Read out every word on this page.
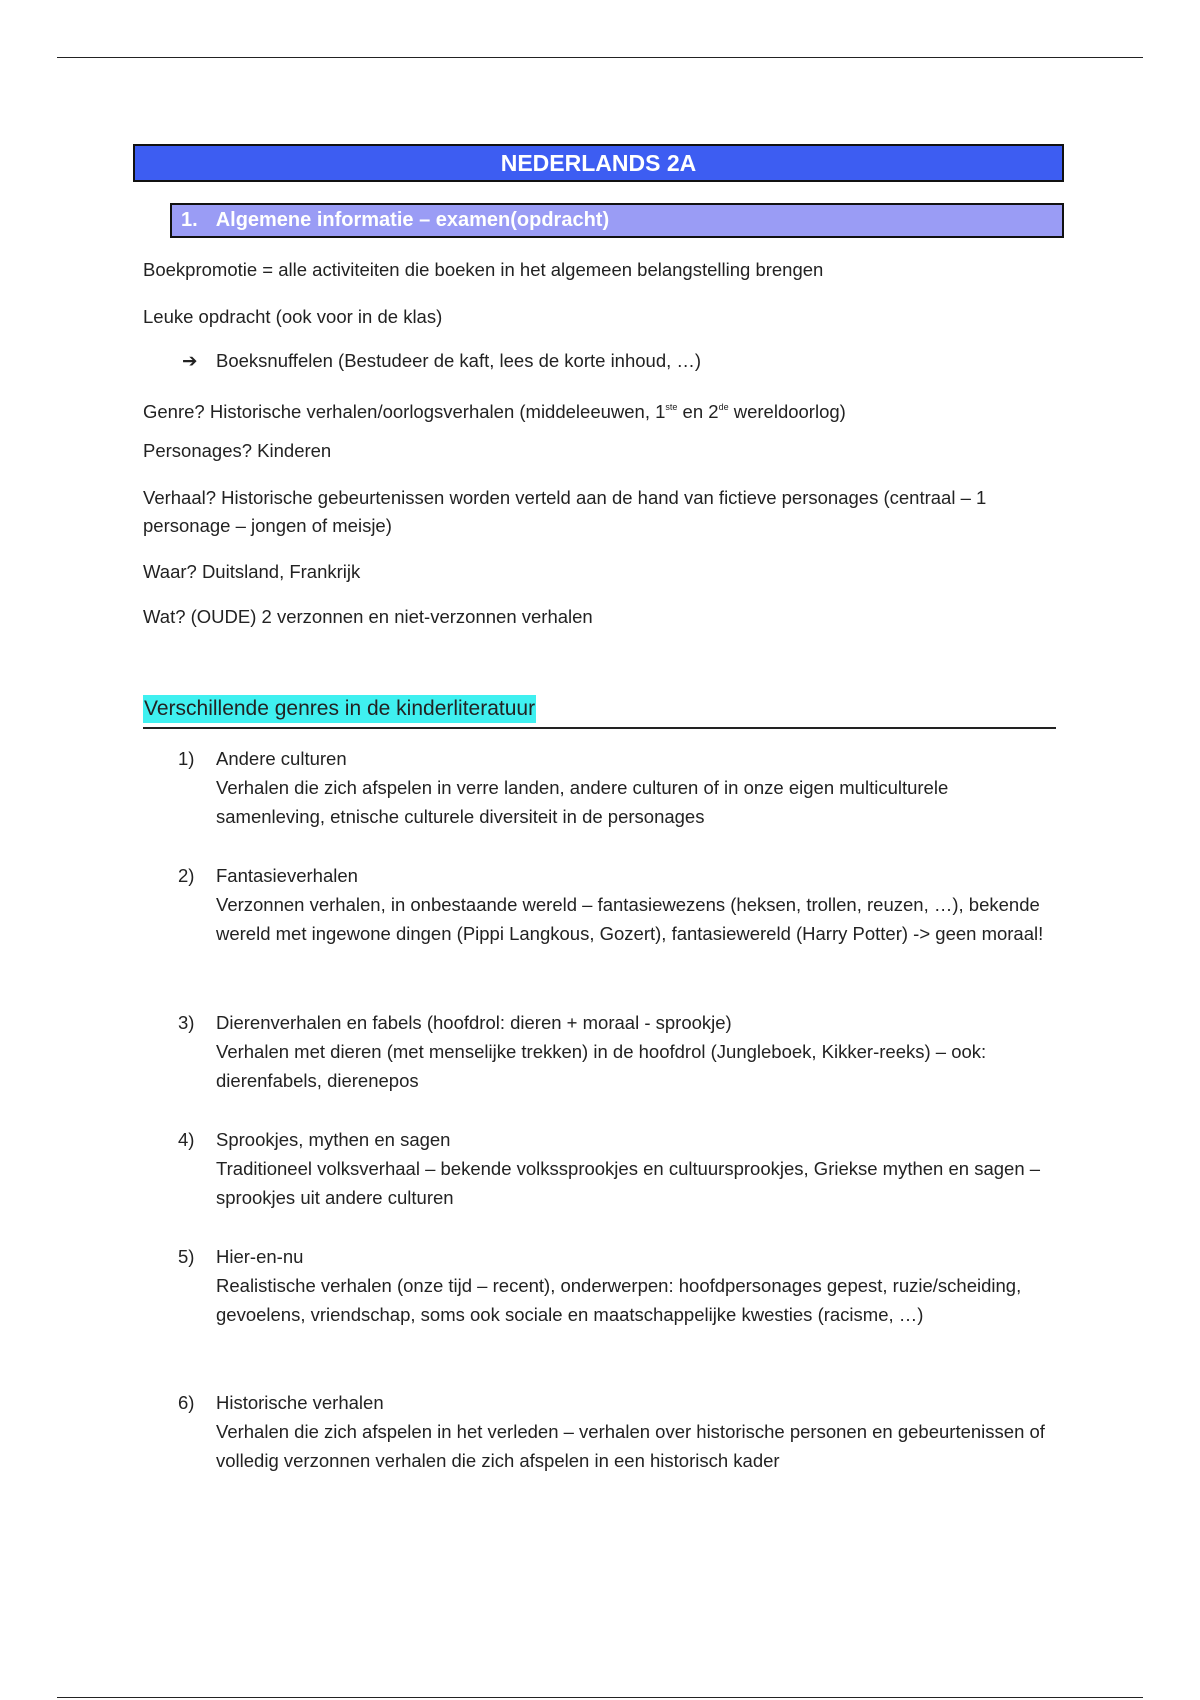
NEDERLANDS 2A
1. Algemene informatie – examen(opdracht)
Boekpromotie = alle activiteiten die boeken in het algemeen belangstelling brengen
Leuke opdracht (ook voor in de klas)
➔ Boeksnuffelen (Bestudeer de kaft, lees de korte inhoud, …)
Genre? Historische verhalen/oorlogsverhalen (middeleeuwen, 1ste en 2de wereldoorlog)
Personages? Kinderen
Verhaal? Historische gebeurtenissen worden verteld aan de hand van fictieve personages (centraal – 1 personage – jongen of meisje)
Waar? Duitsland, Frankrijk
Wat? (OUDE) 2 verzonnen en niet-verzonnen verhalen
Verschillende genres in de kinderliteratuur
1)	Andere culturen
Verhalen die zich afspelen in verre landen, andere culturen of in onze eigen multiculturele samenleving, etnische culturele diversiteit in de personages
2)	Fantasieverhalen
Verzonnen verhalen, in onbestaande wereld – fantasiewezens (heksen, trollen, reuzen, …), bekende wereld met ingewone dingen (Pippi Langkous, Gozert), fantasiewereld (Harry Potter) -> geen moraal!
3)	Dierenverhalen en fabels (hoofdrol: dieren + moraal - sprookje)
Verhalen met dieren (met menselijke trekken) in de hoofdrol (Jungleboek, Kikker-reeks) – ook: dierenfabels, dierenepos
4)	Sprookjes, mythen en sagen
Traditioneel volksverhaal – bekende volkssprookjes en cultuursprookjes, Griekse mythen en sagen – sprookjes uit andere culturen
5)	Hier-en-nu
Realistische verhalen (onze tijd – recent), onderwerpen: hoofdpersonages gepest, ruzie/scheiding, gevoelens, vriendschap, soms ook sociale en maatschappelijke kwesties (racisme, …)
6)	Historische verhalen
Verhalen die zich afspelen in het verleden – verhalen over historische personen en gebeurtenissen of volledig verzonnen verhalen die zich afspelen in een historisch kader
